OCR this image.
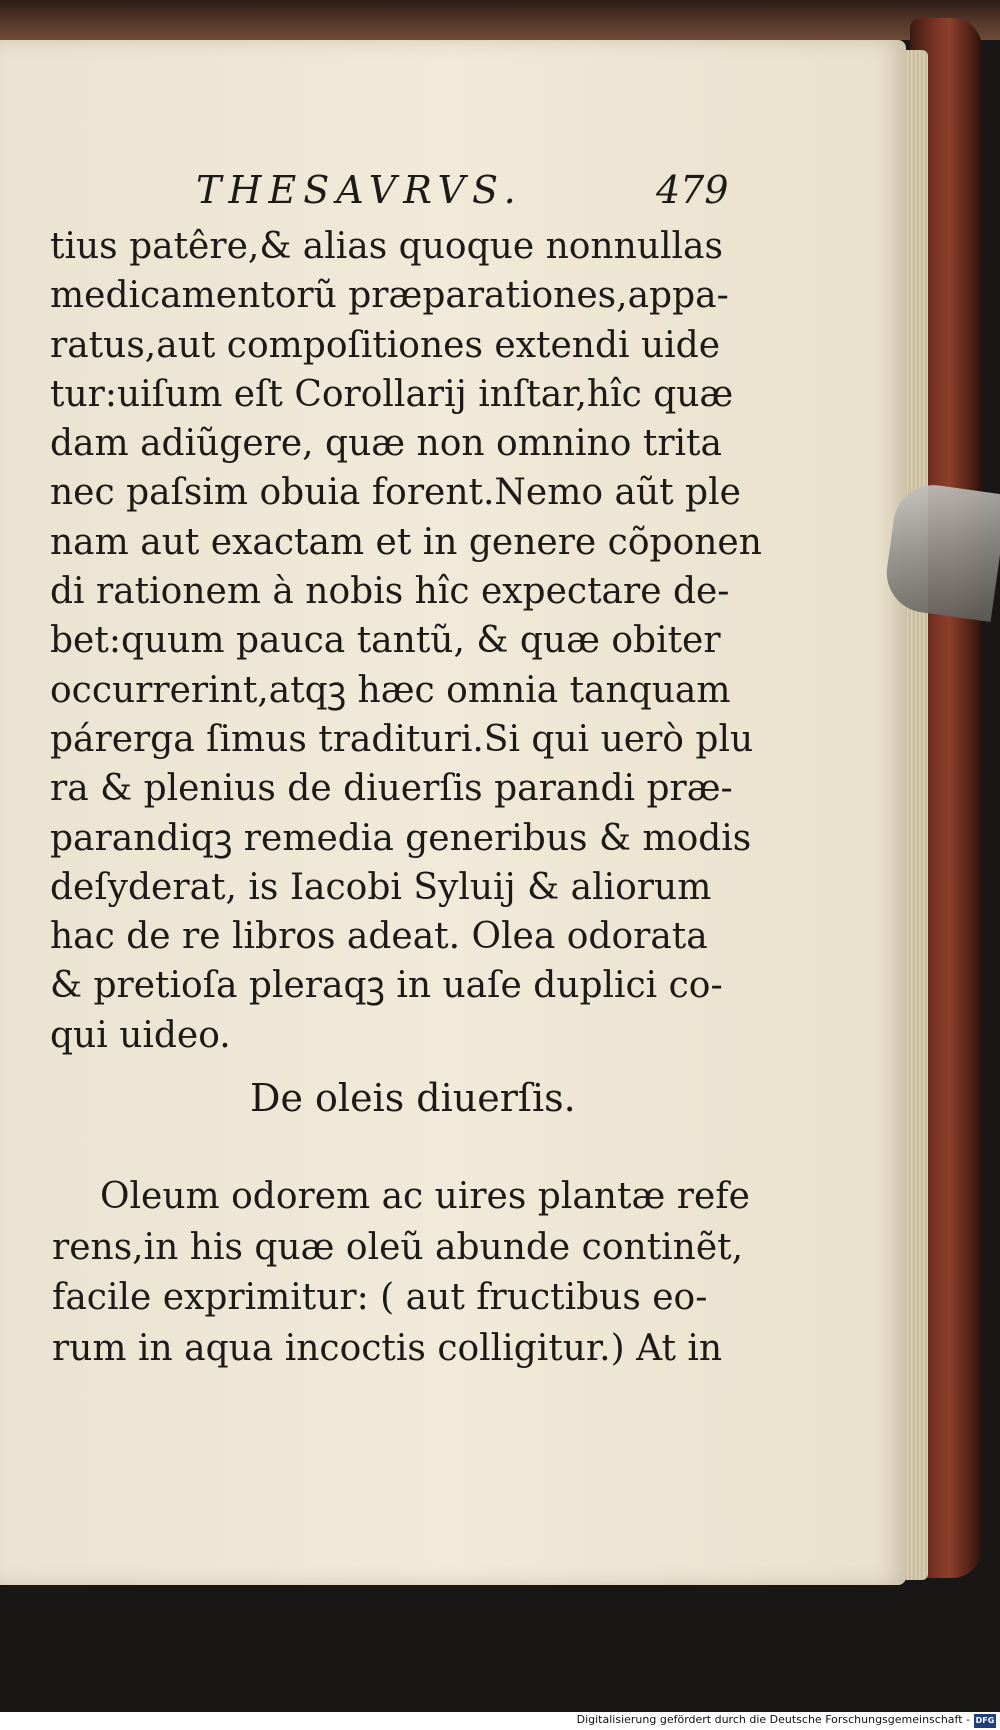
THESAVRVS.	479
tius patêre,& alias quoque nonnullas
medicamentorũ præparationes,appa-
ratus,aut compoſitiones extendi uide
tur:uiſum eſt Corollarij inſtar,hîc quæ
dam adiũgere, quæ non omnino trita
nec paſsim obuia forent.Nemo aũt ple
nam aut exactam et in genere cõponen
di rationem à nobis hîc expectare de-
bet:quum pauca tantũ, & quæ obiter
occurrerint,atqꝫ hæc omnia tanquam
párerga ſimus tradituri.Si qui uerò plu
ra & plenius de diuerſis parandi præ-
parandiqꝫ remedia generibus & modis
deſyderat, is Iacobi Syluij & aliorum
hac de re libros adeat. Olea odorata
& pretioſa pleraqꝫ in uaſe duplici co-
qui uideo.
De oleis diuerſis.
Oleum odorem ac uires plantæ refe
rens,in his quæ oleũ abunde continẽt,
facile exprimitur: ( aut fructibus eo-
rum in aqua incoctis colligitur.) At in
Digitalisierung gefördert durch die Deutsche Forschungsgemeinschaft - DFG
